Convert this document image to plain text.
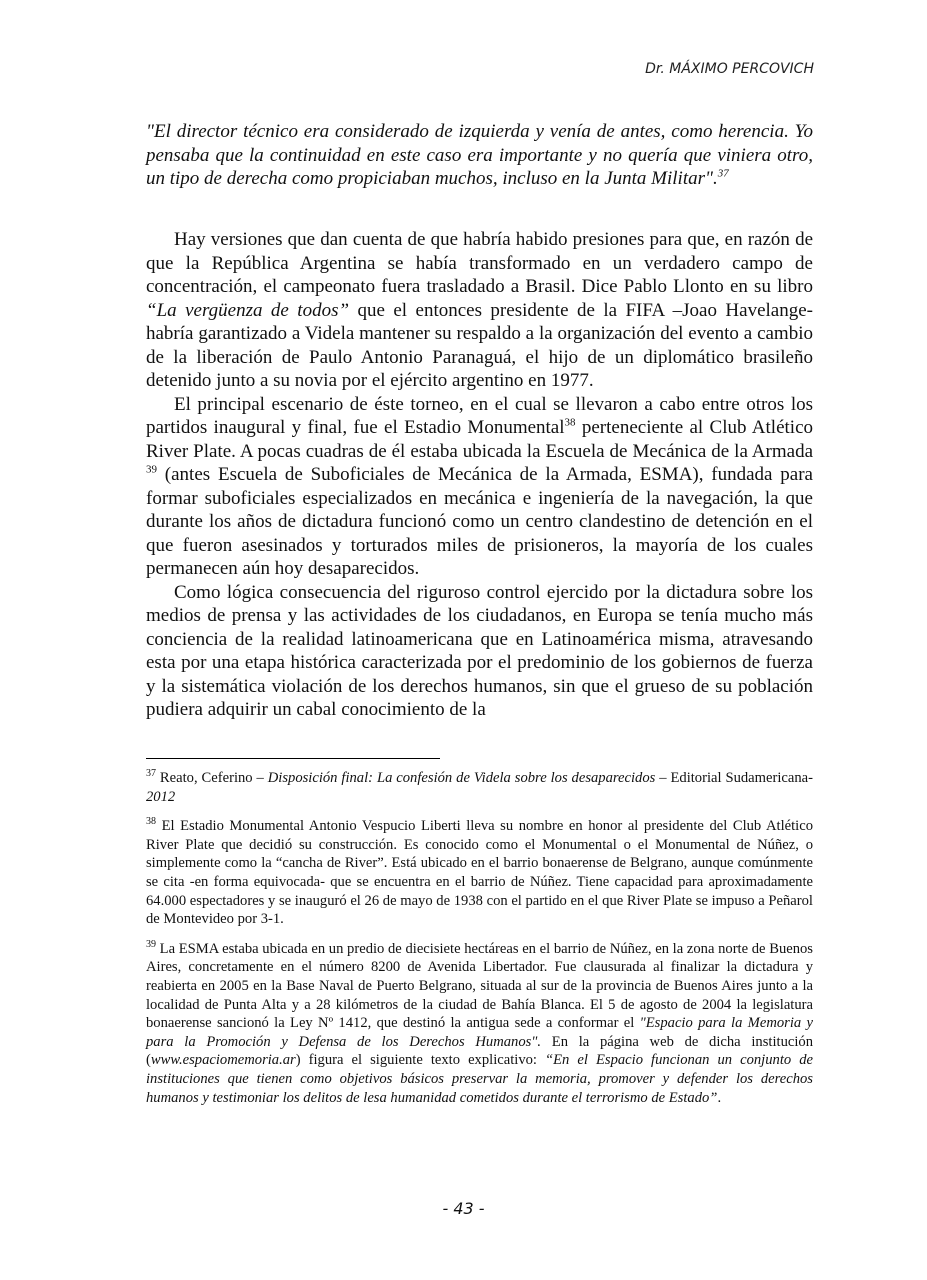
Dr. MÁXIMO PERCOVICH
"El director técnico era considerado de izquierda y venía de antes, como herencia. Yo pensaba que la continuidad en este caso era importante y no quería que viniera otro, un tipo de derecha como propiciaban muchos, incluso en la Junta Militar".$^{37}$

Hay versiones que dan cuenta de que habría habido presiones para que, en razón de que la República Argentina se había transformado en un verdadero campo de concentración, el campeonato fuera trasladado a Brasil. Dice Pablo Llonto en su libro “La vergüenza de todos” que el entonces presidente de la FIFA –Joao Havelange- habría garantizado a Videla mantener su respaldo a la organización del evento a cambio de la liberación de Paulo Antonio Paranaguá, el hijo de un diplomático brasileño detenido junto a su novia por el ejército argentino en 1977.

El principal escenario de éste torneo, en el cual se llevaron a cabo entre otros los partidos inaugural y final, fue el Estadio Monumental$^{38}$ perteneciente al Club Atlético River Plate. A pocas cuadras de él estaba ubicada la Escuela de Mecánica de la Armada $^{39}$ (antes Escuela de Suboficiales de Mecánica de la Armada, ESMA), fundada para formar suboficiales especializados en mecánica e ingeniería de la navegación, la que durante los años de dictadura funcionó como un centro clandestino de detención en el que fueron asesinados y torturados miles de prisioneros, la mayoría de los cuales permanecen aún hoy desaparecidos.

Como lógica consecuencia del riguroso control ejercido por la dictadura sobre los medios de prensa y las actividades de los ciudadanos, en Europa se tenía mucho más conciencia de la realidad latinoamericana que en Latinoamérica misma, atravesando esta por una etapa histórica caracterizada por el predominio de los gobiernos de fuerza y la sistemática violación de los derechos humanos, sin que el grueso de su población pudiera adquirir un cabal conocimiento de la

$^{37}$ Reato, Ceferino – Disposición final: La confesión de Videla sobre los desaparecidos – Editorial Sudamericana-2012

$^{38}$ El Estadio Monumental Antonio Vespucio Liberti lleva su nombre en honor al presidente del Club Atlético River Plate que decidió su construcción. Es conocido como el Monumental o el Monumental de Núñez, o simplemente como la “cancha de River”. Está ubicado en el barrio bonaerense de Belgrano, aunque comúnmente se cita -en forma equivocada- que se encuentra en el barrio de Núñez. Tiene capacidad para aproximadamente 64.000 espectadores y se inauguró el 26 de mayo de 1938 con el partido en el que River Plate se impuso a Peñarol de Montevideo por 3-1.

$^{39}$ La ESMA estaba ubicada en un predio de diecisiete hectáreas en el barrio de Núñez, en la zona norte de Buenos Aires, concretamente en el número 8200 de Avenida Libertador. Fue clausurada al finalizar la dictadura y reabierta en 2005 en la Base Naval de Puerto Belgrano, situada al sur de la provincia de Buenos Aires junto a la localidad de Punta Alta y a 28 kilómetros de la ciudad de Bahía Blanca. El 5 de agosto de 2004 la legislatura bonaerense sancionó la Ley Nº 1412, que destinó la antigua sede a conformar el "Espacio para la Memoria y para la Promoción y Defensa de los Derechos Humanos". En la página web de dicha institución (www.espaciomemoria.ar) figura el siguiente texto explicativo: “En el Espacio funcionan un conjunto de instituciones que tienen como objetivos básicos preservar la memoria, promover y defender los derechos humanos y testimoniar los delitos de lesa humanidad cometidos durante el terrorismo de Estado”.

- 43 -
